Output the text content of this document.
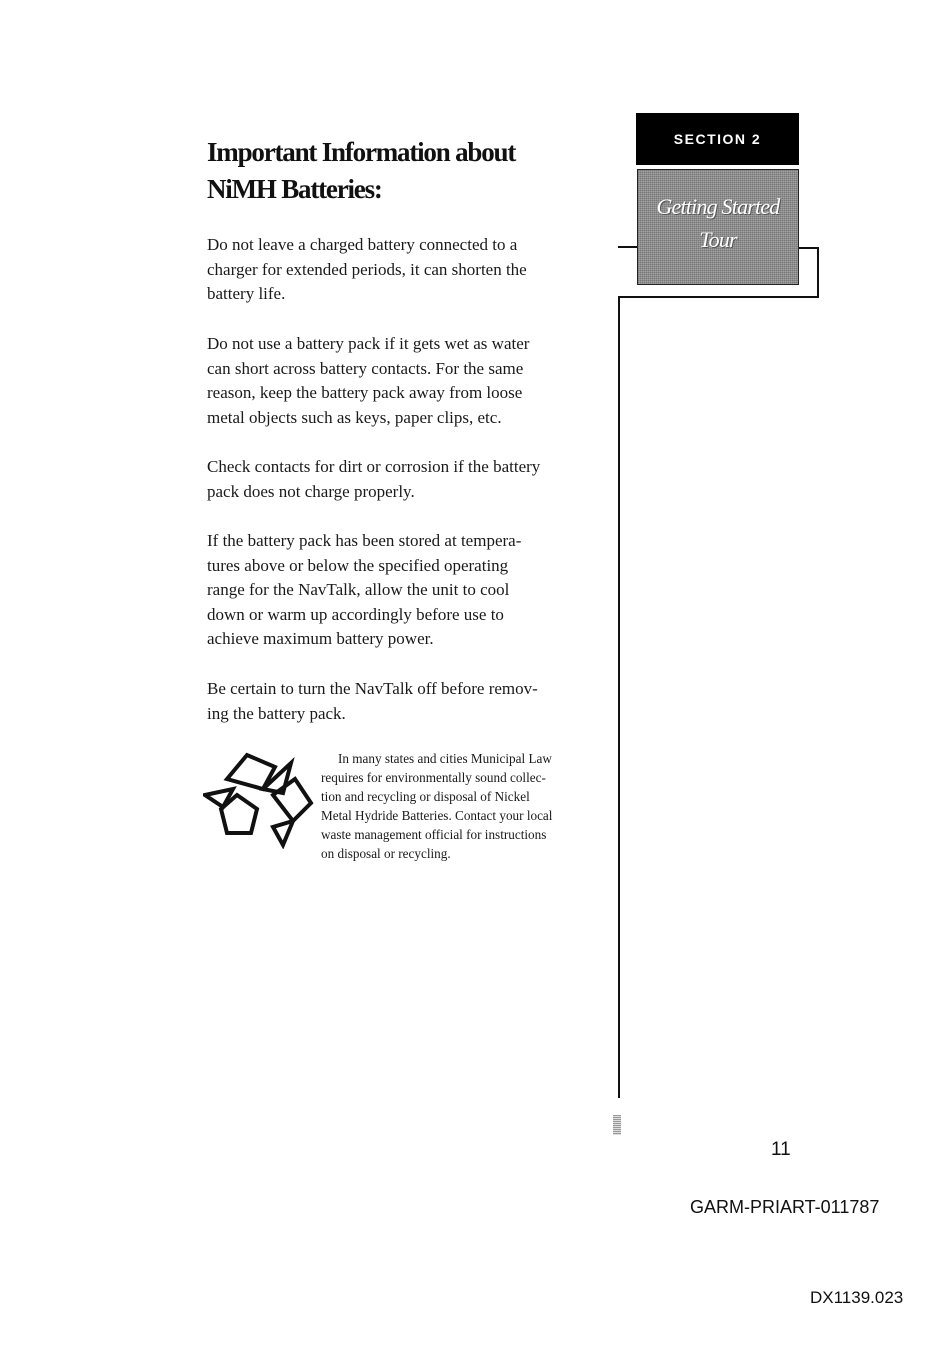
Important Information about
NiMH Batteries:
Do not leave a charged battery connected to a
charger for extended periods, it can shorten the
battery life.
Do not use a battery pack if it gets wet as water
can short across battery contacts. For the same
reason, keep the battery pack away from loose
metal objects such as keys, paper clips, etc.
Check contacts for dirt or corrosion if the battery
pack does not charge properly.
If the battery pack has been stored at tempera-
tures above or below the specified operating
range for the NavTalk, allow the unit to cool
down or warm up accordingly before use to
achieve maximum battery power.
Be certain to turn the NavTalk off before remov-
ing the battery pack.
In many states and cities Municipal Law
requires for environmentally sound collec-
tion and recycling or disposal of Nickel
Metal Hydride Batteries. Contact your local
waste management official for instructions
on disposal or recycling.
SECTION 2
Getting Started
Tour
11
GARM-PRIART-011787
DX1139.023
